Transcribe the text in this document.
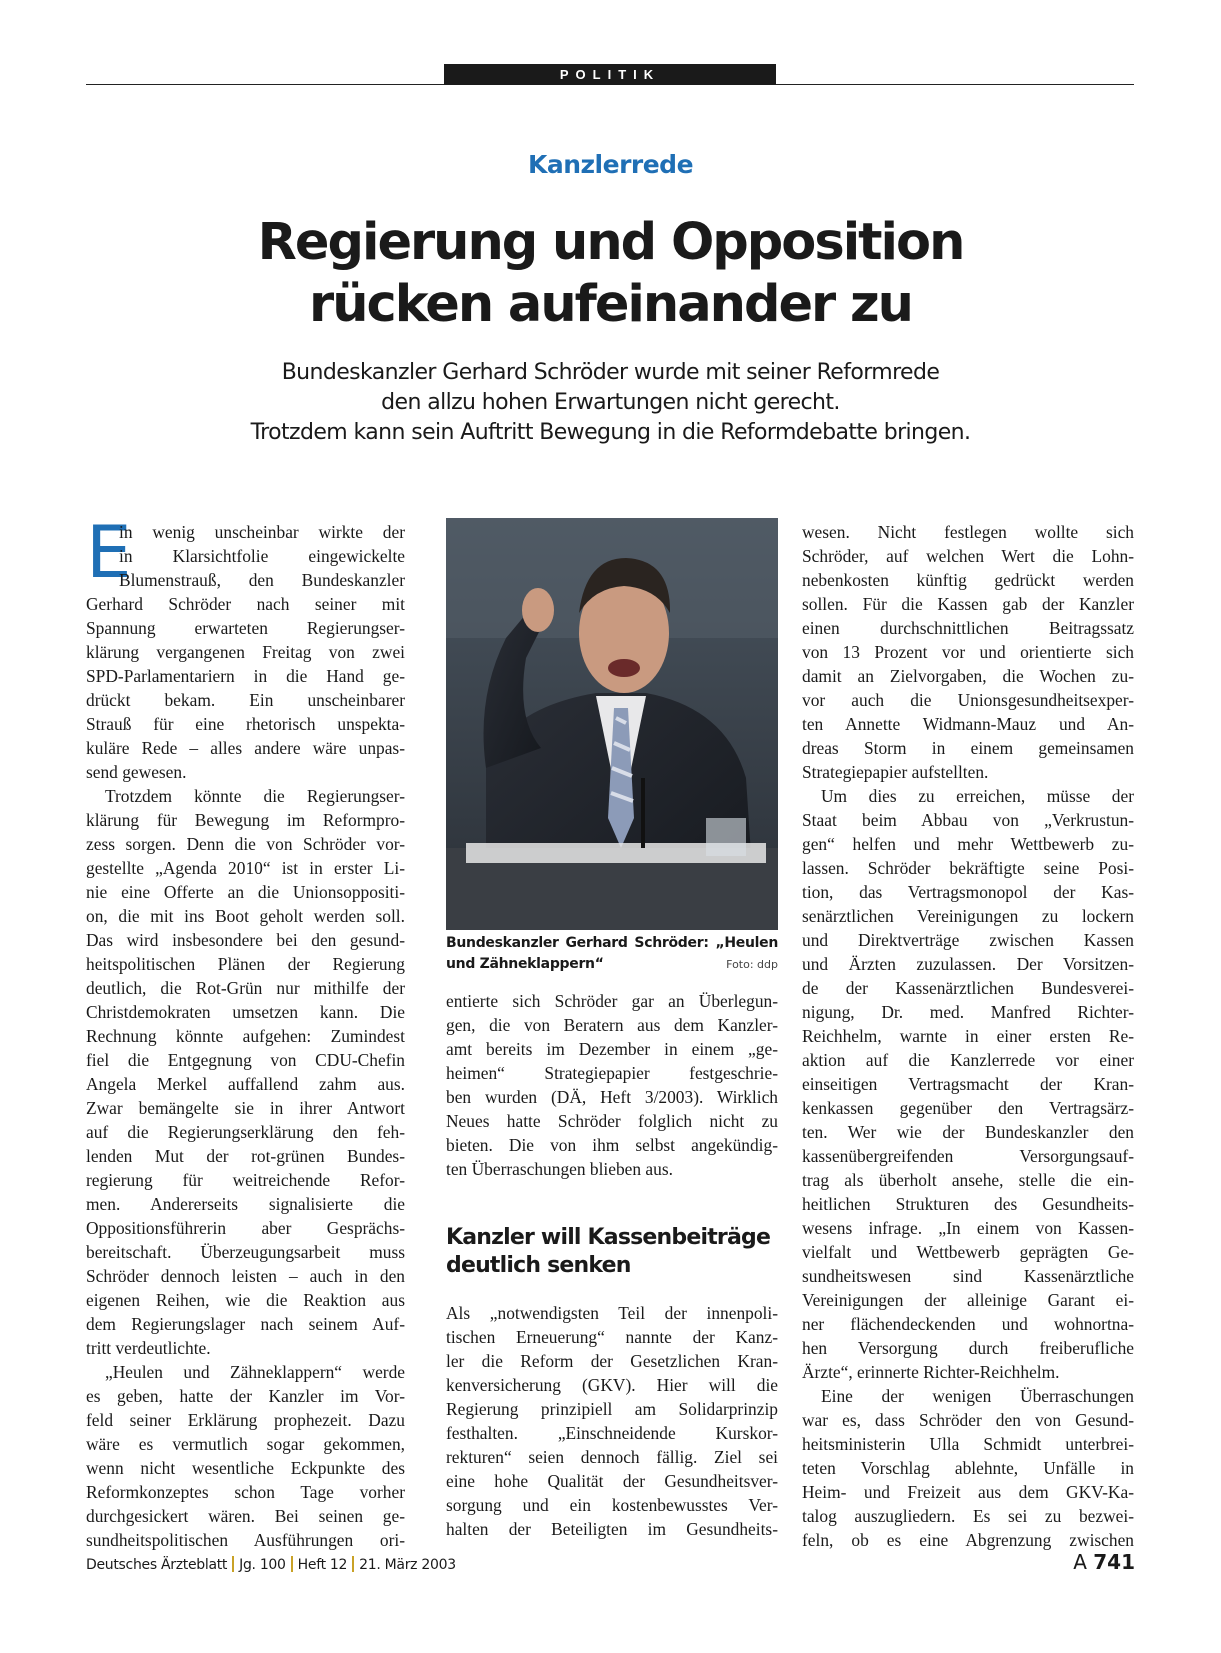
POLITIK
Kanzlerrede
Regierung und Opposition
rücken aufeinander zu
Bundeskanzler Gerhard Schröder wurde mit seiner Reformrede
den allzu hohen Erwartungen nicht gerecht.
Trotzdem kann sein Auftritt Bewegung in die Reformdebatte bringen.
E
in wenig unscheinbar wirkte der
in Klarsichtfolie eingewickelte
Blumenstrauß, den Bundeskanzler
Gerhard Schröder nach seiner mit
Spannung erwarteten Regierungser-
klärung vergangenen Freitag von zwei
SPD-Parlamentariern in die Hand ge-
drückt bekam. Ein unscheinbarer
Strauß für eine rhetorisch unspekta-
kuläre Rede – alles andere wäre unpas-
send gewesen.
Trotzdem könnte die Regierungser-
klärung für Bewegung im Reformpro-
zess sorgen. Denn die von Schröder vor-
gestellte „Agenda 2010“ ist in erster Li-
nie eine Offerte an die Unionsoppositi-
on, die mit ins Boot geholt werden soll.
Das wird insbesondere bei den gesund-
heitspolitischen Plänen der Regierung
deutlich, die Rot-Grün nur mithilfe der
Christdemokraten umsetzen kann. Die
Rechnung könnte aufgehen: Zumindest
fiel die Entgegnung von CDU-Chefin
Angela Merkel auffallend zahm aus.
Zwar bemängelte sie in ihrer Antwort
auf die Regierungserklärung den feh-
lenden Mut der rot-grünen Bundes-
regierung für weitreichende Refor-
men. Andererseits signalisierte die
Oppositionsführerin aber Gesprächs-
bereitschaft. Überzeugungsarbeit muss
Schröder dennoch leisten – auch in den
eigenen Reihen, wie die Reaktion aus
dem Regierungslager nach seinem Auf-
tritt verdeutlichte.
„Heulen und Zähneklappern“ werde
es geben, hatte der Kanzler im Vor-
feld seiner Erklärung prophezeit. Dazu
wäre es vermutlich sogar gekommen,
wenn nicht wesentliche Eckpunkte des
Reformkonzeptes schon Tage vorher
durchgesickert wären. Bei seinen ge-
sundheitspolitischen Ausführungen ori-
Bundeskanzler Gerhard Schröder: „Heulen
und Zähneklappern“	Foto: ddp
entierte sich Schröder gar an Überlegun-
gen, die von Beratern aus dem Kanzler-
amt bereits im Dezember in einem „ge-
heimen“ Strategiepapier festgeschrie-
ben wurden (DÄ, Heft 3/2003). Wirklich
Neues hatte Schröder folglich nicht zu
bieten. Die von ihm selbst angekündig-
ten Überraschungen blieben aus.
Kanzler will Kassenbeiträge
deutlich senken
Als „notwendigsten Teil der innenpoli-
tischen Erneuerung“ nannte der Kanz-
ler die Reform der Gesetzlichen Kran-
kenversicherung (GKV). Hier will die
Regierung prinzipiell am Solidarprinzip
festhalten. „Einschneidende Kurskor-
rekturen“ seien dennoch fällig. Ziel sei
eine hohe Qualität der Gesundheitsver-
sorgung und ein kostenbewusstes Ver-
halten der Beteiligten im Gesundheits-
wesen. Nicht festlegen wollte sich
Schröder, auf welchen Wert die Lohn-
nebenkosten künftig gedrückt werden
sollen. Für die Kassen gab der Kanzler
einen durchschnittlichen Beitragssatz
von 13 Prozent vor und orientierte sich
damit an Zielvorgaben, die Wochen zu-
vor auch die Unionsgesundheitsexper-
ten Annette Widmann-Mauz und An-
dreas Storm in einem gemeinsamen
Strategiepapier aufstellten.
Um dies zu erreichen, müsse der
Staat beim Abbau von „Verkrustun-
gen“ helfen und mehr Wettbewerb zu-
lassen. Schröder bekräftigte seine Posi-
tion, das Vertragsmonopol der Kas-
senärztlichen Vereinigungen zu lockern
und Direktverträge zwischen Kassen
und Ärzten zuzulassen. Der Vorsitzen-
de der Kassenärztlichen Bundesverei-
nigung, Dr. med. Manfred Richter-
Reichhelm, warnte in einer ersten Re-
aktion auf die Kanzlerrede vor einer
einseitigen Vertragsmacht der Kran-
kenkassen gegenüber den Vertragsärz-
ten. Wer wie der Bundeskanzler den
kassenübergreifenden Versorgungsauf-
trag als überholt ansehe, stelle die ein-
heitlichen Strukturen des Gesundheits-
wesens infrage. „In einem von Kassen-
vielfalt und Wettbewerb geprägten Ge-
sundheitswesen sind Kassenärztliche
Vereinigungen der alleinige Garant ei-
ner flächendeckenden und wohnortna-
hen Versorgung durch freiberufliche
Ärzte“, erinnerte Richter-Reichhelm.
Eine der wenigen Überraschungen
war es, dass Schröder den von Gesund-
heitsministerin Ulla Schmidt unterbrei-
teten Vorschlag ablehnte, Unfälle in
Heim- und Freizeit aus dem GKV-Ka-
talog auszugliedern. Es sei zu bezwei-
feln, ob es eine Abgrenzung zwischen
Deutsches Ärzteblatt Jg. 100 Heft 12 21. März 2003	A 741
